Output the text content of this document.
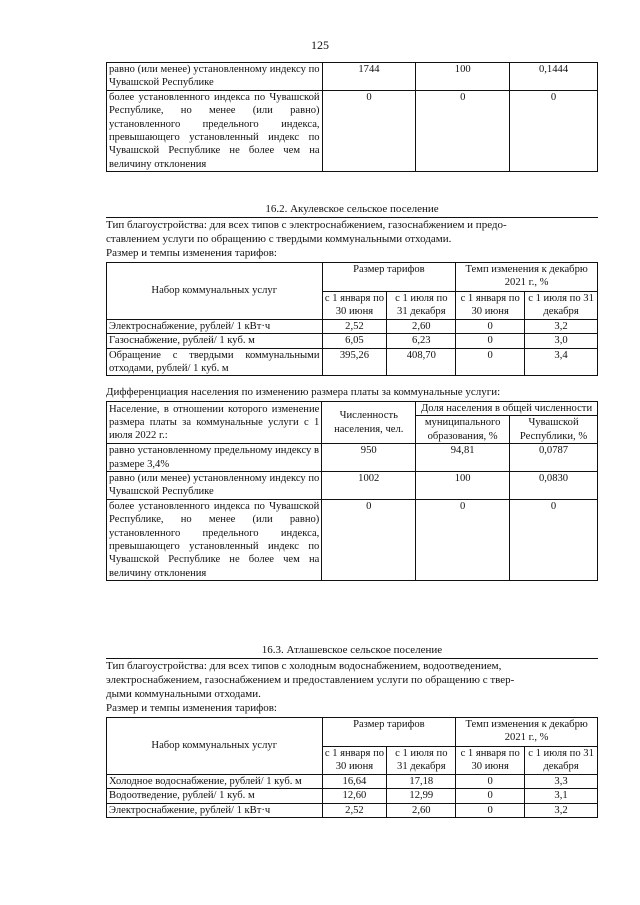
125
равно (или менее) установленному индексу по Чувашской Республике	1744	100	0,1444
более установленного индекса по Чувашской Республике, но менее (или равно) установленного предельного индекса, превышающего установленный индекс по Чувашской Республике не более чем на величину отклонения	0	0	0
16.2. Акулевское сельское поселение
Тип благоустройства: для всех типов с электроснабжением, газоснабжением и предо-
ставлением услуги по обращению с твердыми коммунальными отходами.
Размер и темпы изменения тарифов:
Набор коммунальных услуг	Размер тарифов		Темп изменения к декабрю 2021 г., %	
	с 1 января по 30 июня	с 1 июля по 31 декабря	с 1 января по 30 июня	с 1 июля по 31 декабря
Электроснабжение, рублей/ 1 кВт·ч	2,52	2,60	0	3,2
Газоснабжение, рублей/ 1 куб. м	6,05	6,23	0	3,0
Обращение с твердыми коммунальными отходами, рублей/ 1 куб. м	395,26	408,70	0	3,4
Дифференциация населения по изменению размера платы за коммунальные услуги:
Население, в отношении которого изменение размера платы за коммунальные услуги с 1 июля 2022 г.:	Численность населения, чел.	Доля населения в общей численности	
		муниципального образования, %	Чувашской Республики, %
равно установленному предельному индексу в размере 3,4%	950	94,81	0,0787
равно (или менее) установленному индексу по Чувашской Республике	1002	100	0,0830
более установленного индекса по Чувашской Республике, но менее (или равно) установленного предельного индекса, превышающего установленный индекс по Чувашской Республике не более чем на величину отклонения	0	0	0
16.3. Атлашевское сельское поселение
Тип благоустройства: для всех типов с холодным водоснабжением, водоотведением,
электроснабжением, газоснабжением и предоставлением услуги по обращению с твер-
дыми коммунальными отходами.
Размер и темпы изменения тарифов:
Набор коммунальных услуг	Размер тарифов		Темп изменения к декабрю 2021 г., %	
	с 1 января по 30 июня	с 1 июля по 31 декабря	с 1 января по 30 июня	с 1 июля по 31 декабря
Холодное водоснабжение, рублей/ 1 куб. м	16,64	17,18	0	3,3
Водоотведение, рублей/ 1 куб. м	12,60	12,99	0	3,1
Электроснабжение, рублей/ 1 кВт·ч	2,52	2,60	0	3,2
